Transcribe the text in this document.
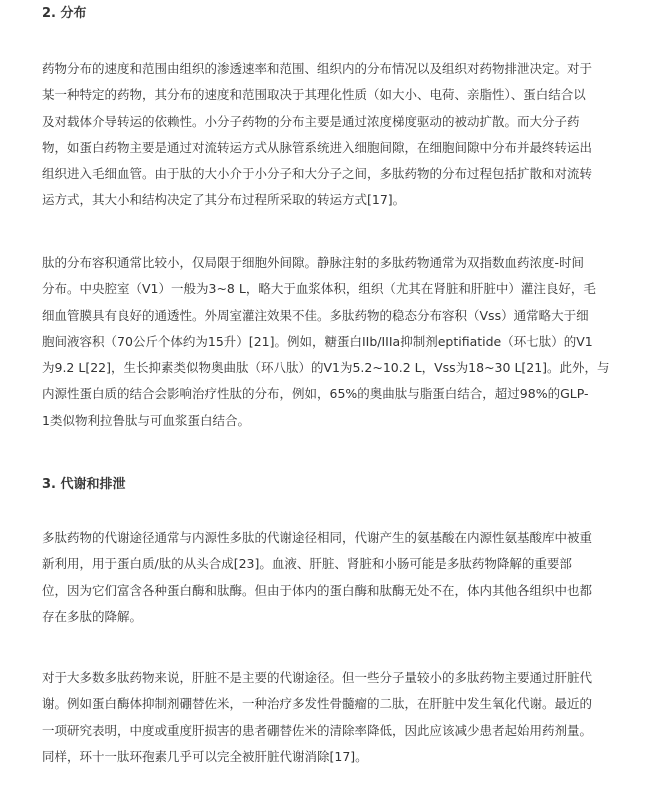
2. 分布

药物分布的速度和范围由组织的渗透速率和范围、组织内的分布情况以及组织对药物排泄决定。对于
某一种特定的药物，其分布的速度和范围取决于其理化性质（如大小、电荷、亲脂性）、蛋白结合以
及对载体介导转运的依赖性。小分子药物的分布主要是通过浓度梯度驱动的被动扩散。而大分子药
物，如蛋白药物主要是通过对流转运方式从脉管系统进入细胞间隙，在细胞间隙中分布并最终转运出
组织进入毛细血管。由于肽的大小介于小分子和大分子之间，多肽药物的分布过程包括扩散和对流转
运方式，其大小和结构决定了其分布过程所采取的转运方式[17]。

肽的分布容积通常比较小，仅局限于细胞外间隙。静脉注射的多肽药物通常为双指数血药浓度-时间
分布。中央腔室（V1）一般为3~8 L，略大于血浆体积，组织（尤其在肾脏和肝脏中）灌注良好，毛
细血管膜具有良好的通透性。外周室灌注效果不佳。多肽药物的稳态分布容积（Vss）通常略大于细
胞间液容积（70公斤个体约为15升）[21]。例如，糖蛋白IIb/IIIa抑制剂eptifiatide（环七肽）的V1
为9.2 L[22]，生长抑素类似物奥曲肽（环八肽）的V1为5.2~10.2 L，Vss为18~30 L[21]。此外，与
内源性蛋白质的结合会影响治疗性肽的分布，例如，65%的奥曲肽与脂蛋白结合，超过98%的GLP-
1类似物利拉鲁肽与可血浆蛋白结合。

3. 代谢和排泄

多肽药物的代谢途径通常与内源性多肽的代谢途径相同，代谢产生的氨基酸在内源性氨基酸库中被重
新利用，用于蛋白质/肽的从头合成[23]。血液、肝脏、肾脏和小肠可能是多肽药物降解的重要部
位，因为它们富含各种蛋白酶和肽酶。但由于体内的蛋白酶和肽酶无处不在，体内其他各组织中也都
存在多肽的降解。

对于大多数多肽药物来说，肝脏不是主要的代谢途径。但一些分子量较小的多肽药物主要通过肝脏代
谢。例如蛋白酶体抑制剂硼替佐米，一种治疗多发性骨髓瘤的二肽，在肝脏中发生氧化代谢。最近的
一项研究表明，中度或重度肝损害的患者硼替佐米的清除率降低，因此应该减少患者起始用药剂量。
同样，环十一肽环孢素几乎可以完全被肝脏代谢消除[17]。
